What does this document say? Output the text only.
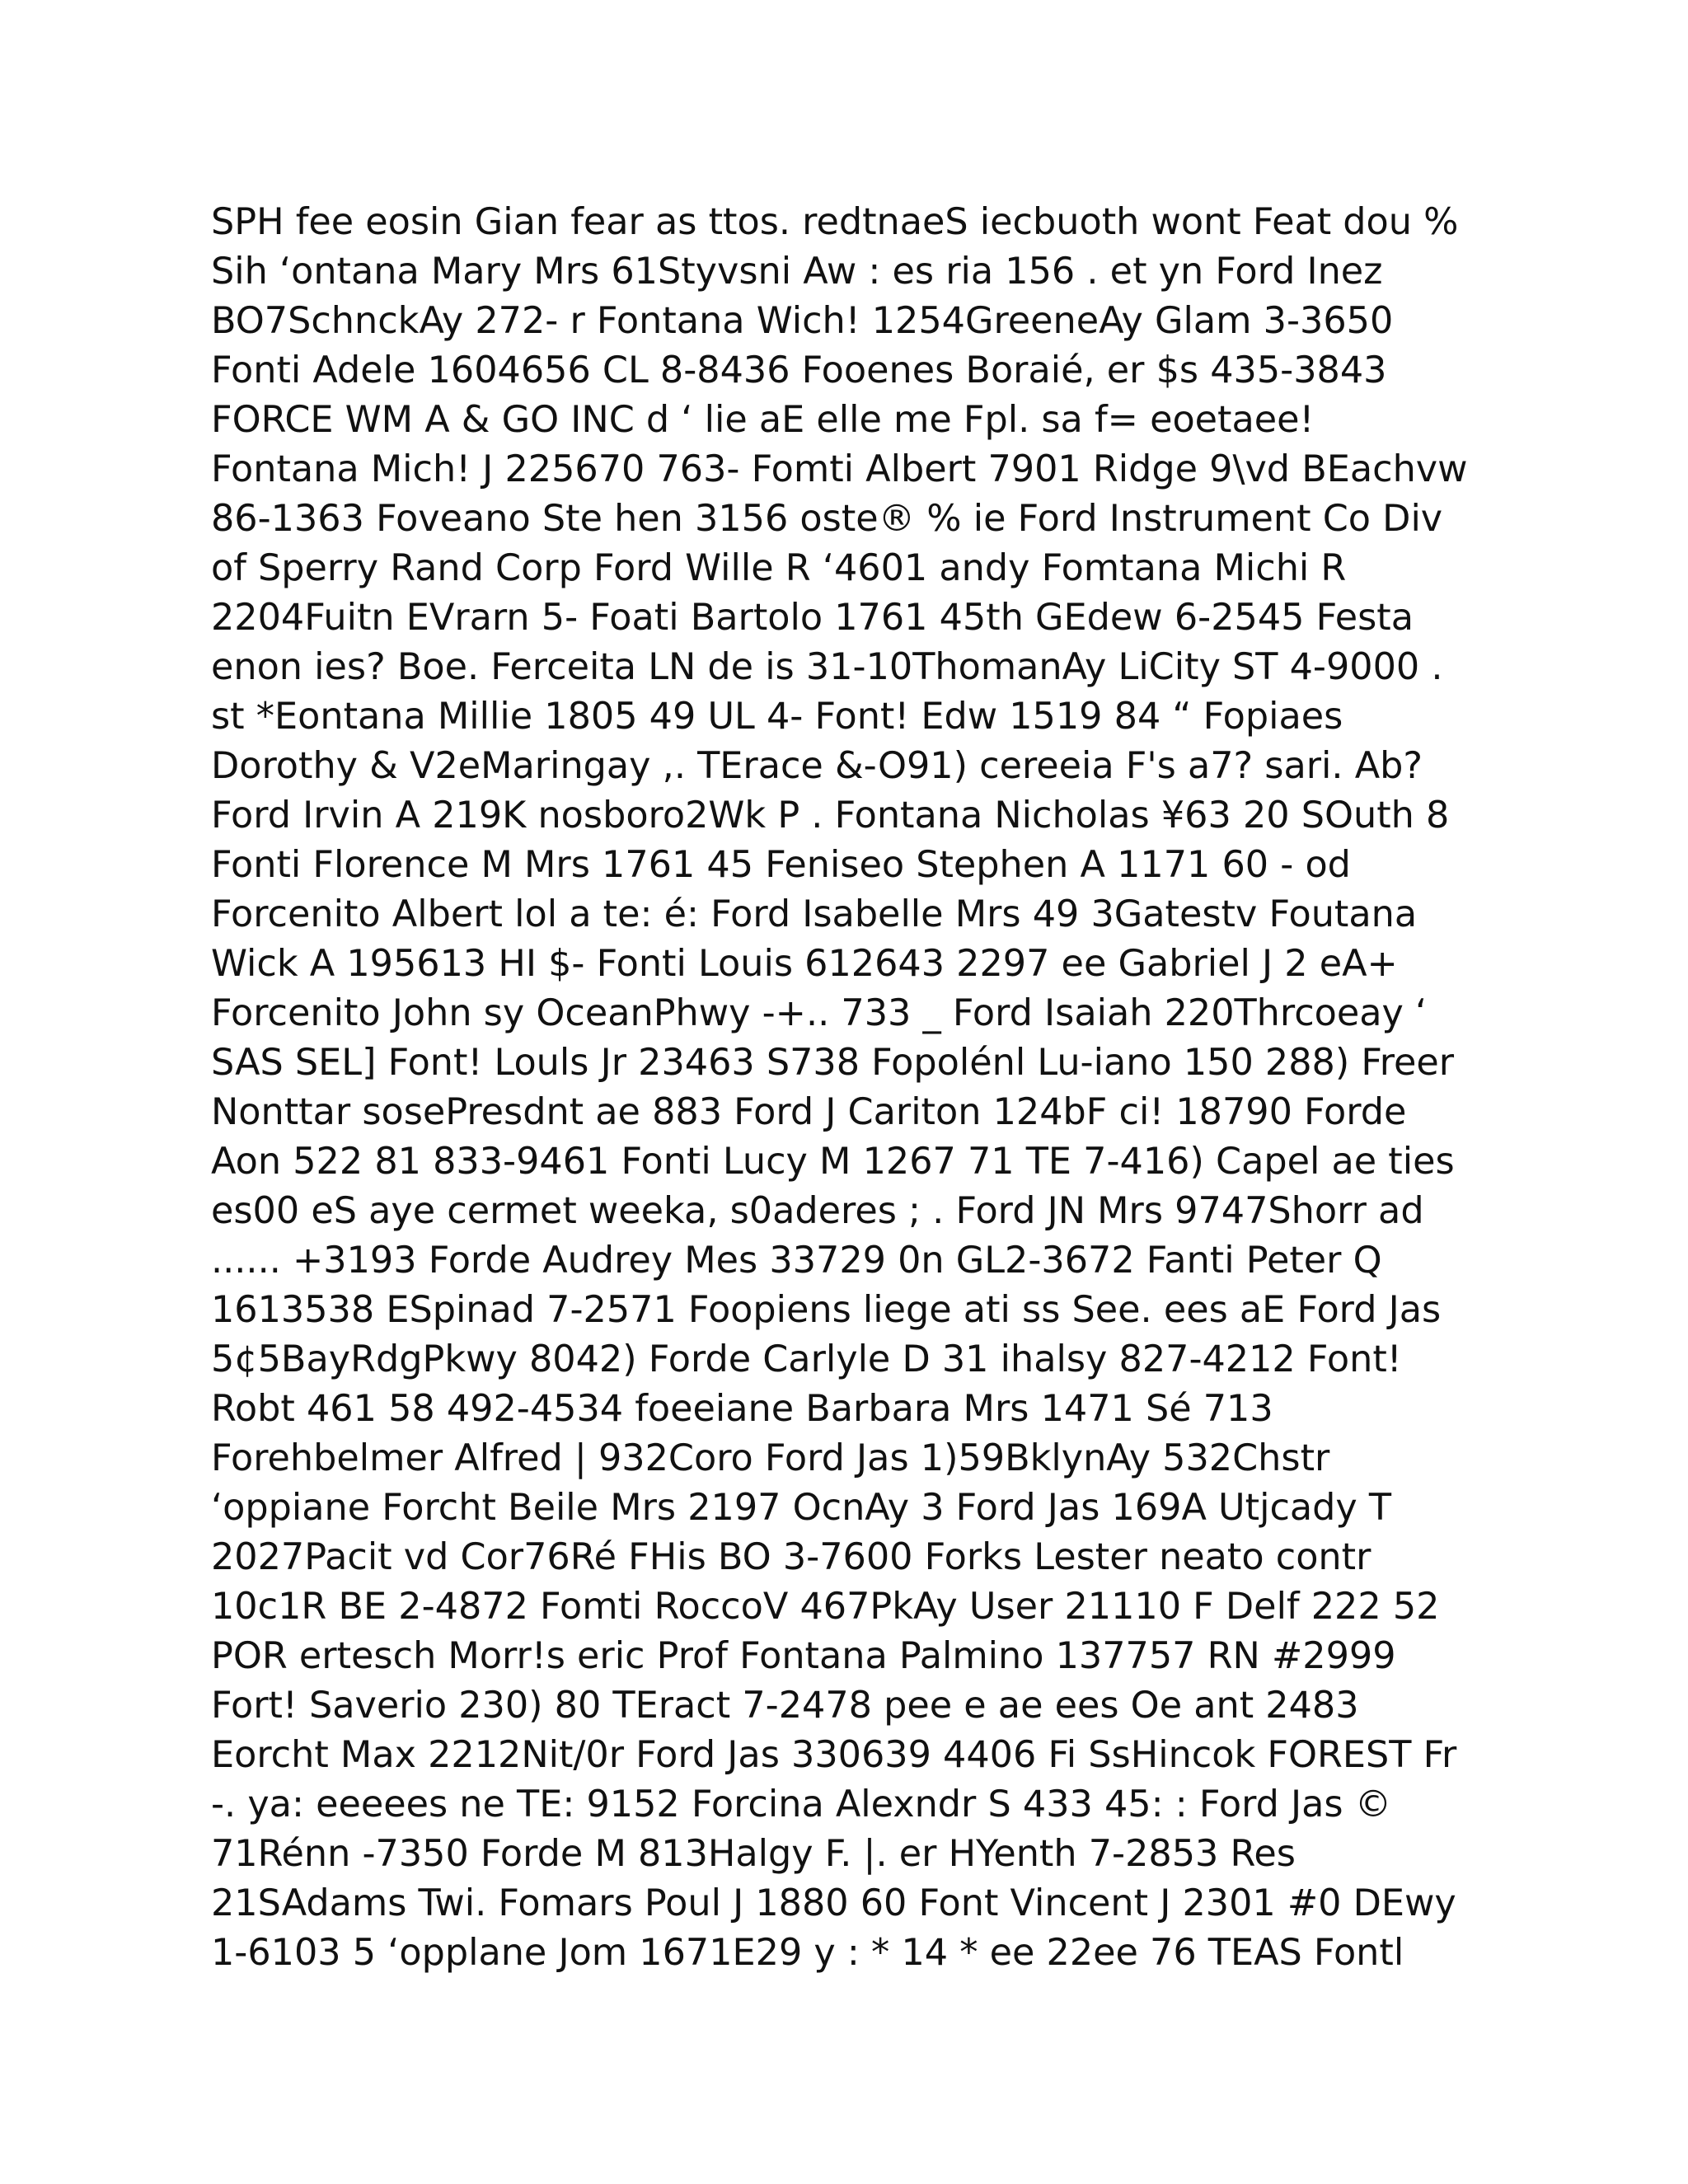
SPH fee eosin Gian fear as ttos. redtnaeS iecbuoth wont Feat dou %
Sih ‘ontana Mary Mrs 61Styvsni Aw : es ria 156 . et yn Ford Inez
BO7SchnckAy 272- r Fontana Wich! 1254GreeneAy Glam 3-3650
Fonti Adele 1604656 CL 8-8436 Fooenes Boraié, er $s 435-3843
FORCE WM A & GO INC d ‘ lie aE elle me Fpl. sa f= eoetaee!
Fontana Mich! J 225670 763- Fomti Albert 7901 Ridge 9\vd BEachvw
86-1363 Foveano Ste hen 3156 oste® % ie Ford Instrument Co Div
of Sperry Rand Corp Ford Wille R ‘4601 andy Fomtana Michi R
2204Fuitn EVrarn 5- Foati Bartolo 1761 45th GEdew 6-2545 Festa
enon ies? Boe. Ferceita LN de is 31-10ThomanAy LiCity ST 4-9000 .
st *Eontana Millie 1805 49 UL 4- Font! Edw 1519 84 “ Fopiaes
Dorothy & V2eMaringay ,. TErace &-O91) cereeia F's a7? sari. Ab?
Ford Irvin A 219K nosboro2Wk P . Fontana Nicholas ¥63 20 SOuth 8
Fonti Florence M Mrs 1761 45 Feniseo Stephen A 1171 60 - od
Forcenito Albert lol a te: é: Ford Isabelle Mrs 49 3Gatestv Foutana
Wick A 195613 HI $- Fonti Louis 612643 2297 ee Gabriel J 2 eA+
Forcenito John sy OceanPhwy -+.. 733 _ Ford Isaiah 220Thrcoeay ‘
SAS SEL] Font! Louls Jr 23463 S738 Fopolénl Lu-iano 150 288) Freer
Nonttar sosePresdnt ae 883 Ford J Cariton 124bF ci! 18790 Forde
Aon 522 81 833-9461 Fonti Lucy M 1267 71 TE 7-416) Capel ae ties
es00 eS aye cermet weeka, s0aderes ; . Ford JN Mrs 9747Shorr ad
...... +3193 Forde Audrey Mes 33729 0n GL2-3672 Fanti Peter Q
1613538 ESpinad 7-2571 Foopiens liege ati ss See. ees aE Ford Jas
5¢5BayRdgPkwy 8042) Forde Carlyle D 31 ihalsy 827-4212 Font!
Robt 461 58 492-4534 foeeiane Barbara Mrs 1471 Sé 713
Forehbelmer Alfred | 932Coro Ford Jas 1)59BklynAy 532Chstr
‘oppiane Forcht Beile Mrs 2197 OcnAy 3 Ford Jas 169A Utjcady T
2027Pacit vd Cor76Ré FHis BO 3-7600 Forks Lester neato contr
10c1R BE 2-4872 Fomti RoccoV 467PkAy User 21110 F Delf 222 52
POR ertesch Morr!s eric Prof Fontana Palmino 137757 RN #2999
Fort! Saverio 230) 80 TEract 7-2478 pee e ae ees Oe ant 2483
Eorcht Max 2212Nit/0r Ford Jas 330639 4406 Fi SsHincok FOREST Fr
-. ya: eeeees ne TE: 9152 Forcina Alexndr S 433 45: : Ford Jas ©
71Rénn -7350 Forde M 813Halgy F. |. er HYenth 7-2853 Res
21SAdams Twi. Fomars Poul J 1880 60 Font Vincent J 2301 #0 DEwy
1-6103 5 ‘opplane Jom 1671E29 y : * 14 * ee 22ee 76 TEAS Fontl
